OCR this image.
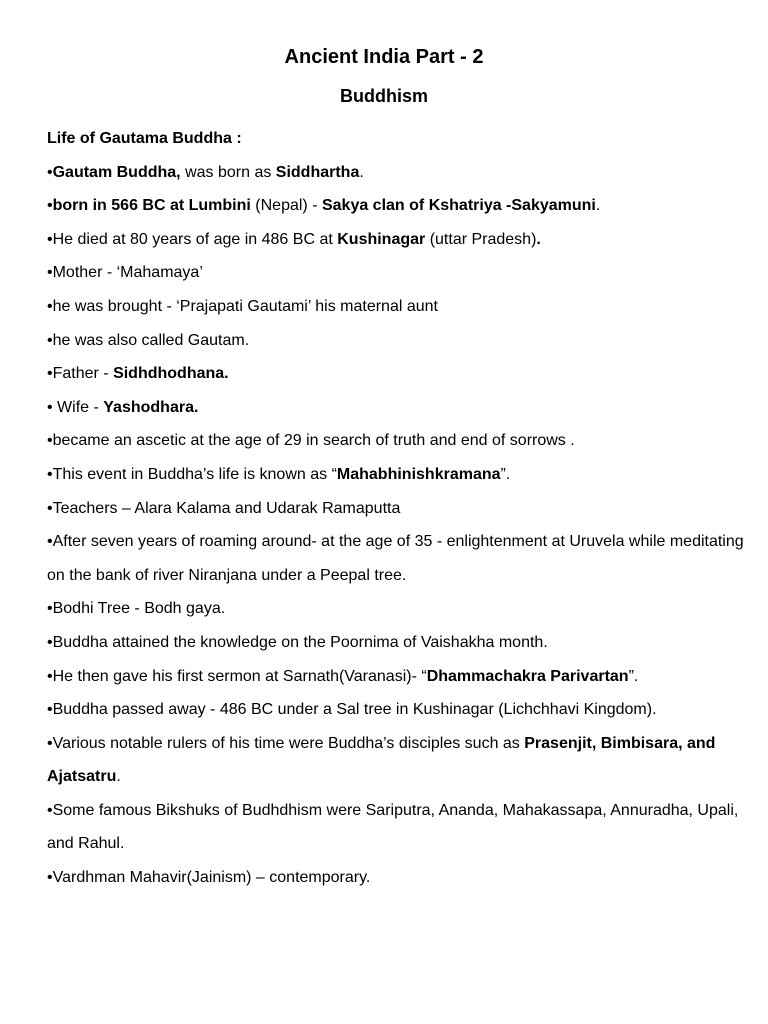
Ancient India Part - 2
Buddhism
Life of Gautama Buddha :
•Gautam Buddha, was born as Siddhartha.
•born in 566 BC at Lumbini (Nepal) - Sakya clan of Kshatriya -Sakyamuni.
•He died at 80 years of age in 486 BC at Kushinagar (uttar Pradesh).
•Mother - ‘Mahamaya’
•he was brought - ‘Prajapati Gautami’ his maternal aunt
•he was also called Gautam.
•Father - Sidhdhodhana.
• Wife - Yashodhara.
•became an ascetic at the age of 29 in search of truth and end of sorrows .
•This event in Buddha’s life is known as “Mahabhinishkramana”.
•Teachers – Alara Kalama and Udarak Ramaputta
•After seven years of roaming around- at the age of 35 - enlightenment at Uruvela while meditating on the bank of river Niranjana under a Peepal tree.
•Bodhi Tree - Bodh gaya.
•Buddha attained the knowledge on the Poornima of Vaishakha month.
•He then gave his first sermon at Sarnath(Varanasi)- “Dhammachakra Parivartan”.
•Buddha passed away - 486 BC under a Sal tree in Kushinagar (Lichchhavi Kingdom).
•Various notable rulers of his time were Buddha’s disciples such as Prasenjit, Bimbisara, and Ajatsatru.
•Some famous Bikshuks of Budhdhism were Sariputra, Ananda, Mahakassapa, Annuradha, Upali, and Rahul.
•Vardhman Mahavir(Jainism) – contemporary.
